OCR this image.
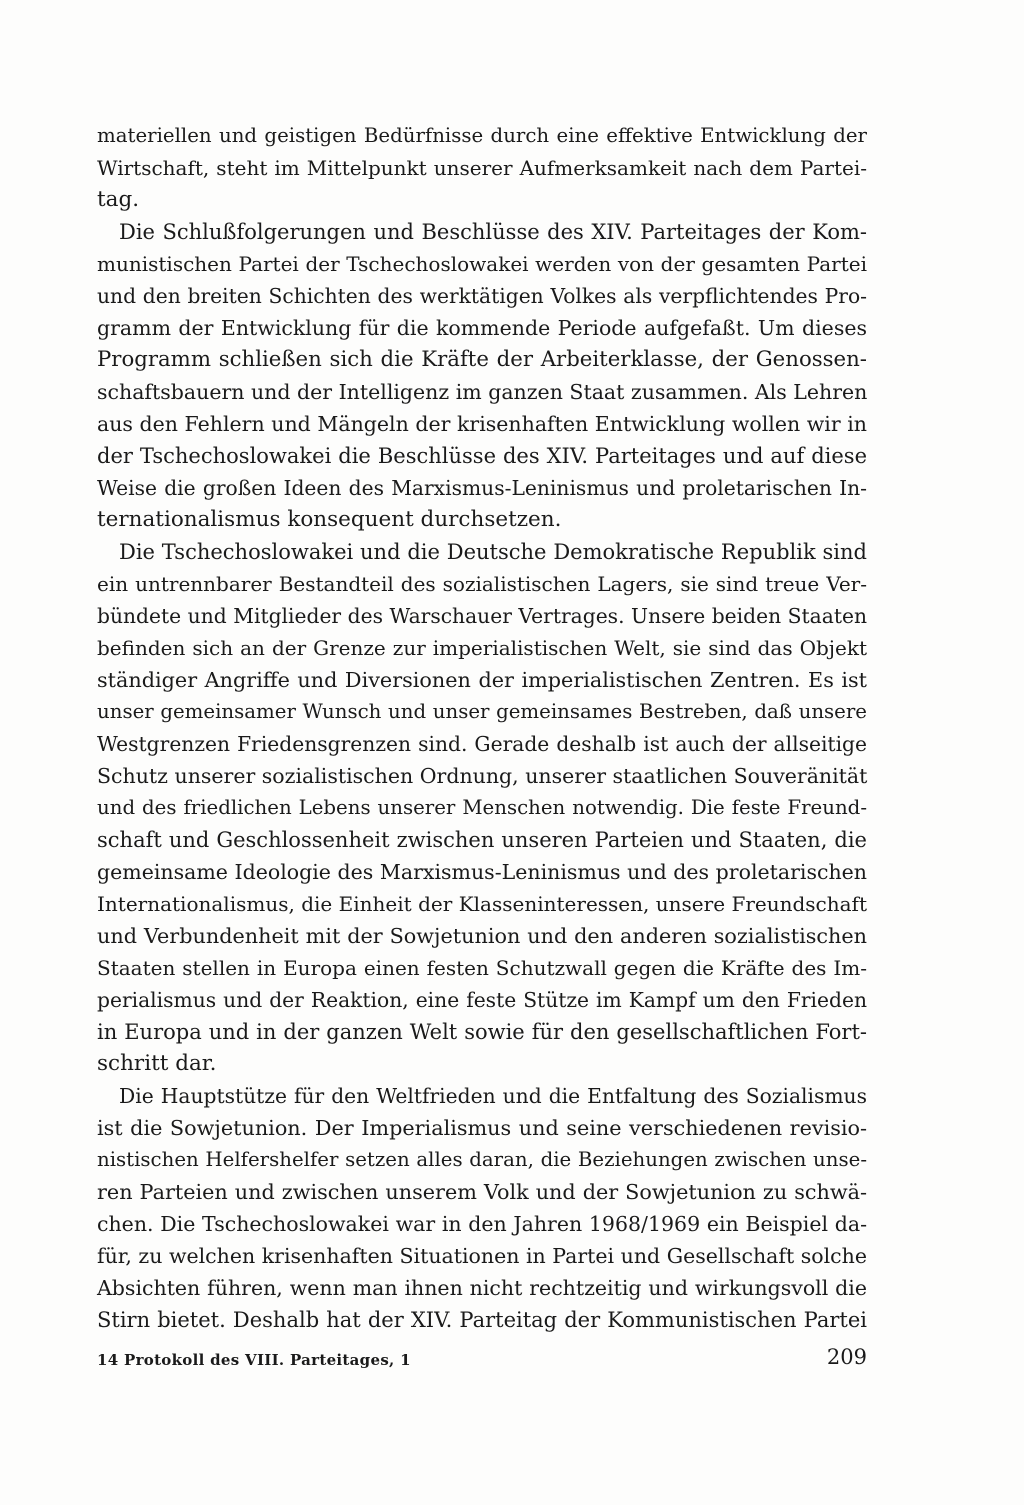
materiellen und geistigen Bedürfnisse durch eine effektive Entwicklung der
Wirtschaft, steht im Mittelpunkt unserer Aufmerksamkeit nach dem Partei-
tag.
Die Schlußfolgerungen und Beschlüsse des XIV. Parteitages der Kom-
munistischen Partei der Tschechoslowakei werden von der gesamten Partei
und den breiten Schichten des werktätigen Volkes als verpflichtendes Pro-
gramm der Entwicklung für die kommende Periode aufgefaßt. Um dieses
Programm schließen sich die Kräfte der Arbeiterklasse, der Genossen-
schaftsbauern und der Intelligenz im ganzen Staat zusammen. Als Lehren
aus den Fehlern und Mängeln der krisenhaften Entwicklung wollen wir in
der Tschechoslowakei die Beschlüsse des XIV. Parteitages und auf diese
Weise die großen Ideen des Marxismus-Leninismus und proletarischen In-
ternationalismus konsequent durchsetzen.
Die Tschechoslowakei und die Deutsche Demokratische Republik sind
ein untrennbarer Bestandteil des sozialistischen Lagers, sie sind treue Ver-
bündete und Mitglieder des Warschauer Vertrages. Unsere beiden Staaten
befinden sich an der Grenze zur imperialistischen Welt, sie sind das Objekt
ständiger Angriffe und Diversionen der imperialistischen Zentren. Es ist
unser gemeinsamer Wunsch und unser gemeinsames Bestreben, daß unsere
Westgrenzen Friedensgrenzen sind. Gerade deshalb ist auch der allseitige
Schutz unserer sozialistischen Ordnung, unserer staatlichen Souveränität
und des friedlichen Lebens unserer Menschen notwendig. Die feste Freund-
schaft und Geschlossenheit zwischen unseren Parteien und Staaten, die
gemeinsame Ideologie des Marxismus-Leninismus und des proletarischen
Internationalismus, die Einheit der Klasseninteressen, unsere Freundschaft
und Verbundenheit mit der Sowjetunion und den anderen sozialistischen
Staaten stellen in Europa einen festen Schutzwall gegen die Kräfte des Im-
perialismus und der Reaktion, eine feste Stütze im Kampf um den Frieden
in Europa und in der ganzen Welt sowie für den gesellschaftlichen Fort-
schritt dar.
Die Hauptstütze für den Weltfrieden und die Entfaltung des Sozialismus
ist die Sowjetunion. Der Imperialismus und seine verschiedenen revisio-
nistischen Helfershelfer setzen alles daran, die Beziehungen zwischen unse-
ren Parteien und zwischen unserem Volk und der Sowjetunion zu schwä-
chen. Die Tschechoslowakei war in den Jahren 1968/1969 ein Beispiel da-
für, zu welchen krisenhaften Situationen in Partei und Gesellschaft solche
Absichten führen, wenn man ihnen nicht rechtzeitig und wirkungsvoll die
Stirn bietet. Deshalb hat der XIV. Parteitag der Kommunistischen Partei
14 Protokoll des VIII. Parteitages, 1	209
